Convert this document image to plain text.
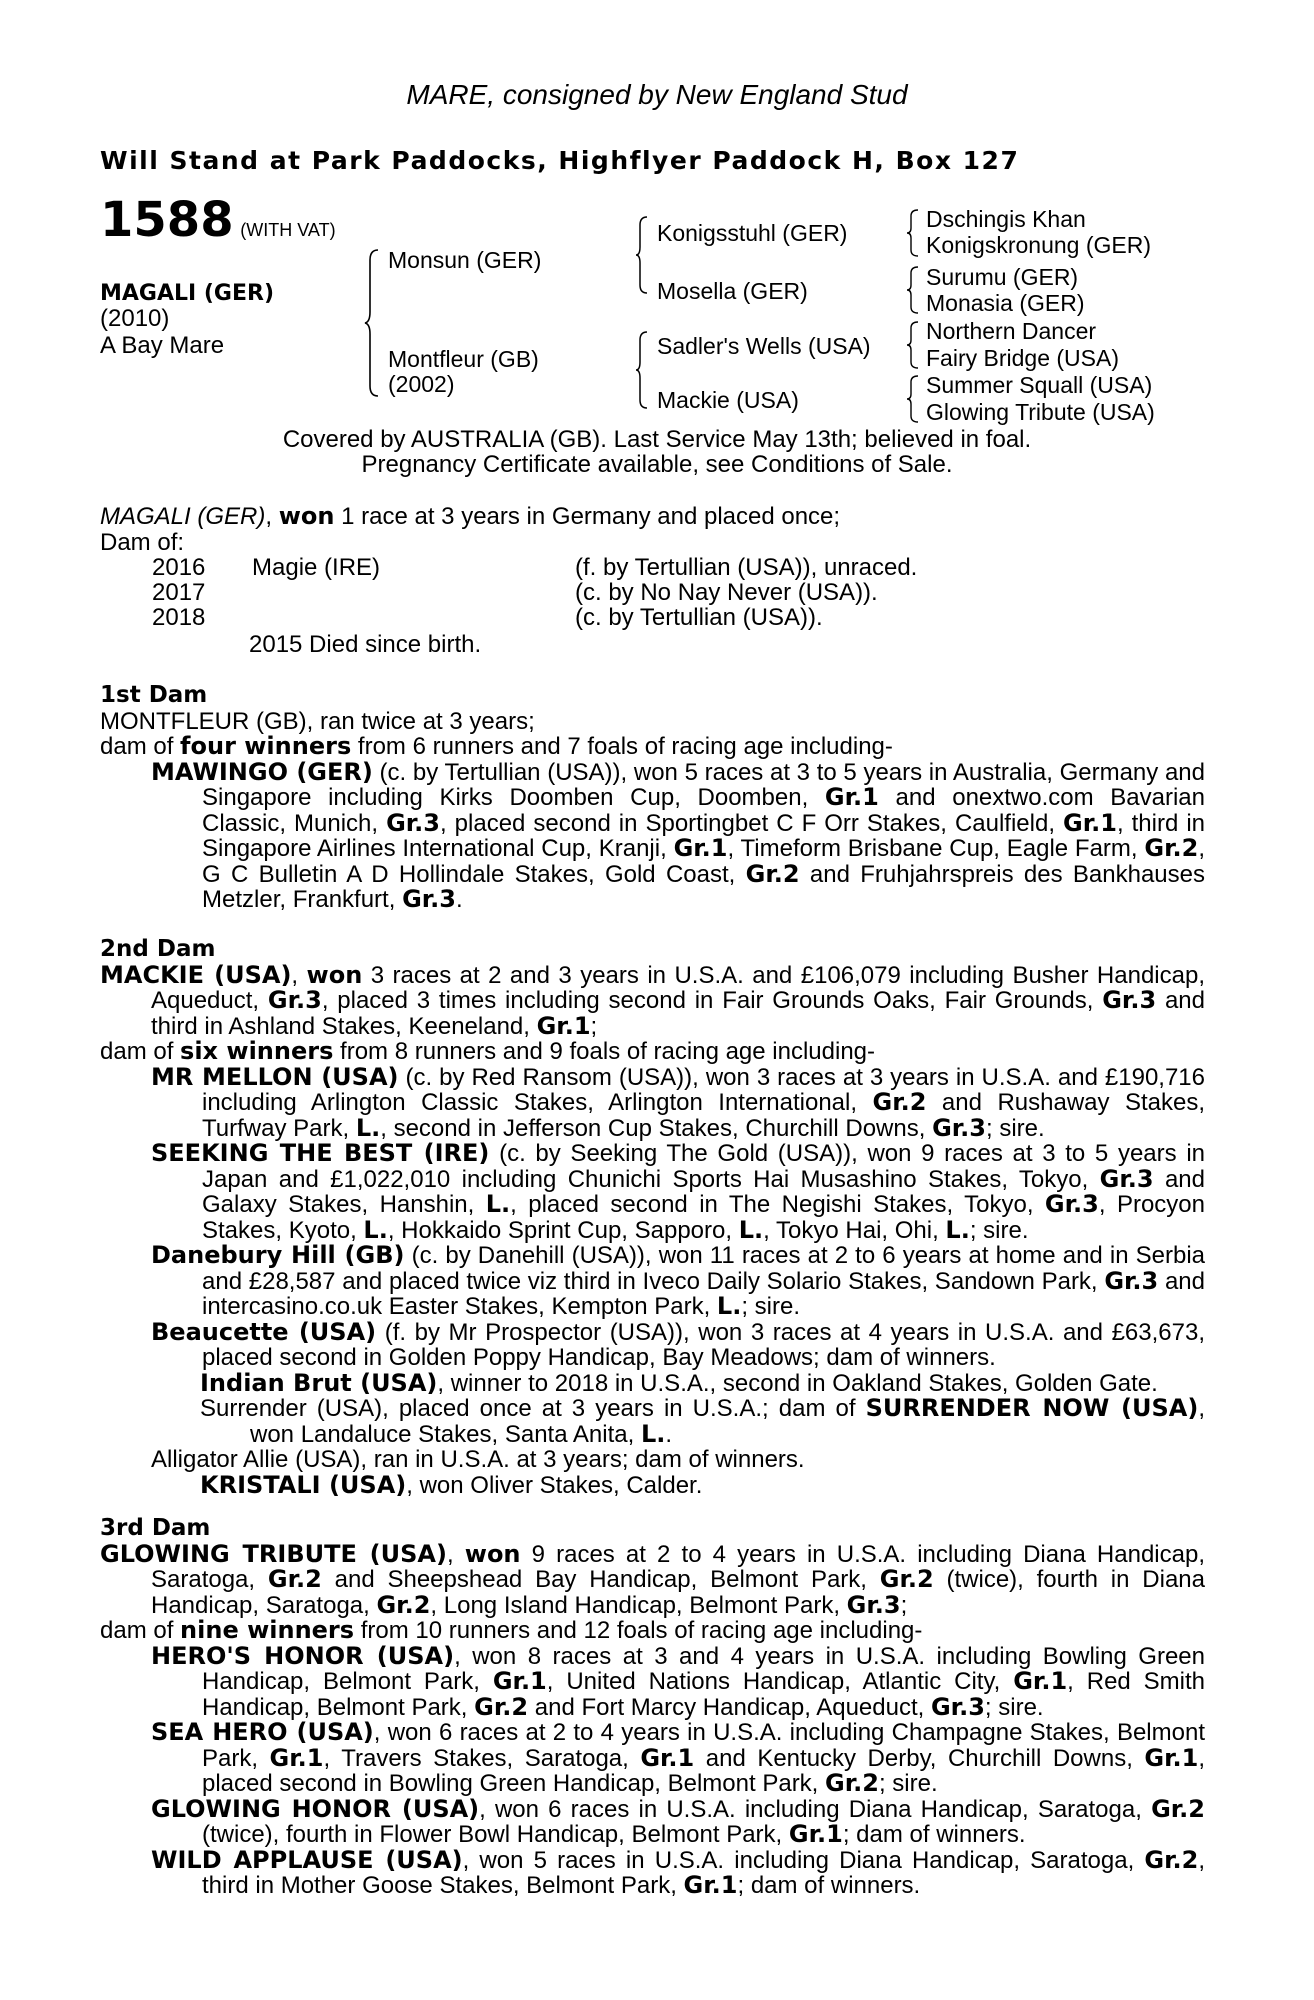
MARE, consigned by New England Stud
Will Stand at Park Paddocks, Highflyer Paddock H, Box 127
1588 (WITH VAT)
MAGALI (GER)
(2010)
A Bay Mare
Monsun (GER)
Montfleur (GB)
(2002)
Konigsstuhl (GER)
Mosella (GER)
Sadler's Wells (USA)
Mackie (USA)
Dschingis Khan
Konigskronung (GER)
Surumu (GER)
Monasia (GER)
Northern Dancer
Fairy Bridge (USA)
Summer Squall (USA)
Glowing Tribute (USA)
Covered by AUSTRALIA (GB). Last Service May 13th; believed in foal.
Pregnancy Certificate available, see Conditions of Sale.

MAGALI (GER), won 1 race at 3 years in Germany and placed once;

Dam of:

2016 Magie (IRE)	(f. by Tertullian (USA)), unraced.
2017	(c. by No Nay Never (USA)).
2018	(c. by Tertullian (USA)).
2015 Died since birth.

1st Dam

MONTFLEUR (GB), ran twice at 3 years;

dam of four winners from 6 runners and 7 foals of racing age including-

MAWINGO (GER) (c. by Tertullian (USA)), won 5 races at 3 to 5 years in Australia, Germany and Singapore including Kirks Doomben Cup, Doomben, Gr.1 and onextwo.com Bavarian Classic, Munich, Gr.3, placed second in Sportingbet C F Orr Stakes, Caulfield, Gr.1, third in Singapore Airlines International Cup, Kranji, Gr.1, Timeform Brisbane Cup, Eagle Farm, Gr.2, G C Bulletin A D Hollindale Stakes, Gold Coast, Gr.2 and Fruhjahrspreis des Bankhauses Metzler, Frankfurt, Gr.3.

2nd Dam

MACKIE (USA), won 3 races at 2 and 3 years in U.S.A. and £106,079 including Busher Handicap, Aqueduct, Gr.3, placed 3 times including second in Fair Grounds Oaks, Fair Grounds, Gr.3 and third in Ashland Stakes, Keeneland, Gr.1;

dam of six winners from 8 runners and 9 foals of racing age including-

MR MELLON (USA) (c. by Red Ransom (USA)), won 3 races at 3 years in U.S.A. and £190,716 including Arlington Classic Stakes, Arlington International, Gr.2 and Rushaway Stakes, Turfway Park, L., second in Jefferson Cup Stakes, Churchill Downs, Gr.3; sire.

SEEKING THE BEST (IRE) (c. by Seeking The Gold (USA)), won 9 races at 3 to 5 years in Japan and £1,022,010 including Chunichi Sports Hai Musashino Stakes, Tokyo, Gr.3 and Galaxy Stakes, Hanshin, L., placed second in The Negishi Stakes, Tokyo, Gr.3, Procyon Stakes, Kyoto, L., Hokkaido Sprint Cup, Sapporo, L., Tokyo Hai, Ohi, L.; sire.

Danebury Hill (GB) (c. by Danehill (USA)), won 11 races at 2 to 6 years at home and in Serbia and £28,587 and placed twice viz third in Iveco Daily Solario Stakes, Sandown Park, Gr.3 and intercasino.co.uk Easter Stakes, Kempton Park, L.; sire.

Beaucette (USA) (f. by Mr Prospector (USA)), won 3 races at 4 years in U.S.A. and £63,673, placed second in Golden Poppy Handicap, Bay Meadows; dam of winners.

Indian Brut (USA), winner to 2018 in U.S.A., second in Oakland Stakes, Golden Gate.

Surrender (USA), placed once at 3 years in U.S.A.; dam of SURRENDER NOW (USA), won Landaluce Stakes, Santa Anita, L..

Alligator Allie (USA), ran in U.S.A. at 3 years; dam of winners.

KRISTALI (USA), won Oliver Stakes, Calder.

3rd Dam

GLOWING TRIBUTE (USA), won 9 races at 2 to 4 years in U.S.A. including Diana Handicap, Saratoga, Gr.2 and Sheepshead Bay Handicap, Belmont Park, Gr.2 (twice), fourth in Diana Handicap, Saratoga, Gr.2, Long Island Handicap, Belmont Park, Gr.3;

dam of nine winners from 10 runners and 12 foals of racing age including-

HERO'S HONOR (USA), won 8 races at 3 and 4 years in U.S.A. including Bowling Green Handicap, Belmont Park, Gr.1, United Nations Handicap, Atlantic City, Gr.1, Red Smith Handicap, Belmont Park, Gr.2 and Fort Marcy Handicap, Aqueduct, Gr.3; sire.

SEA HERO (USA), won 6 races at 2 to 4 years in U.S.A. including Champagne Stakes, Belmont Park, Gr.1, Travers Stakes, Saratoga, Gr.1 and Kentucky Derby, Churchill Downs, Gr.1, placed second in Bowling Green Handicap, Belmont Park, Gr.2; sire.

GLOWING HONOR (USA), won 6 races in U.S.A. including Diana Handicap, Saratoga, Gr.2 (twice), fourth in Flower Bowl Handicap, Belmont Park, Gr.1; dam of winners.

WILD APPLAUSE (USA), won 5 races in U.S.A. including Diana Handicap, Saratoga, Gr.2, third in Mother Goose Stakes, Belmont Park, Gr.1; dam of winners.
